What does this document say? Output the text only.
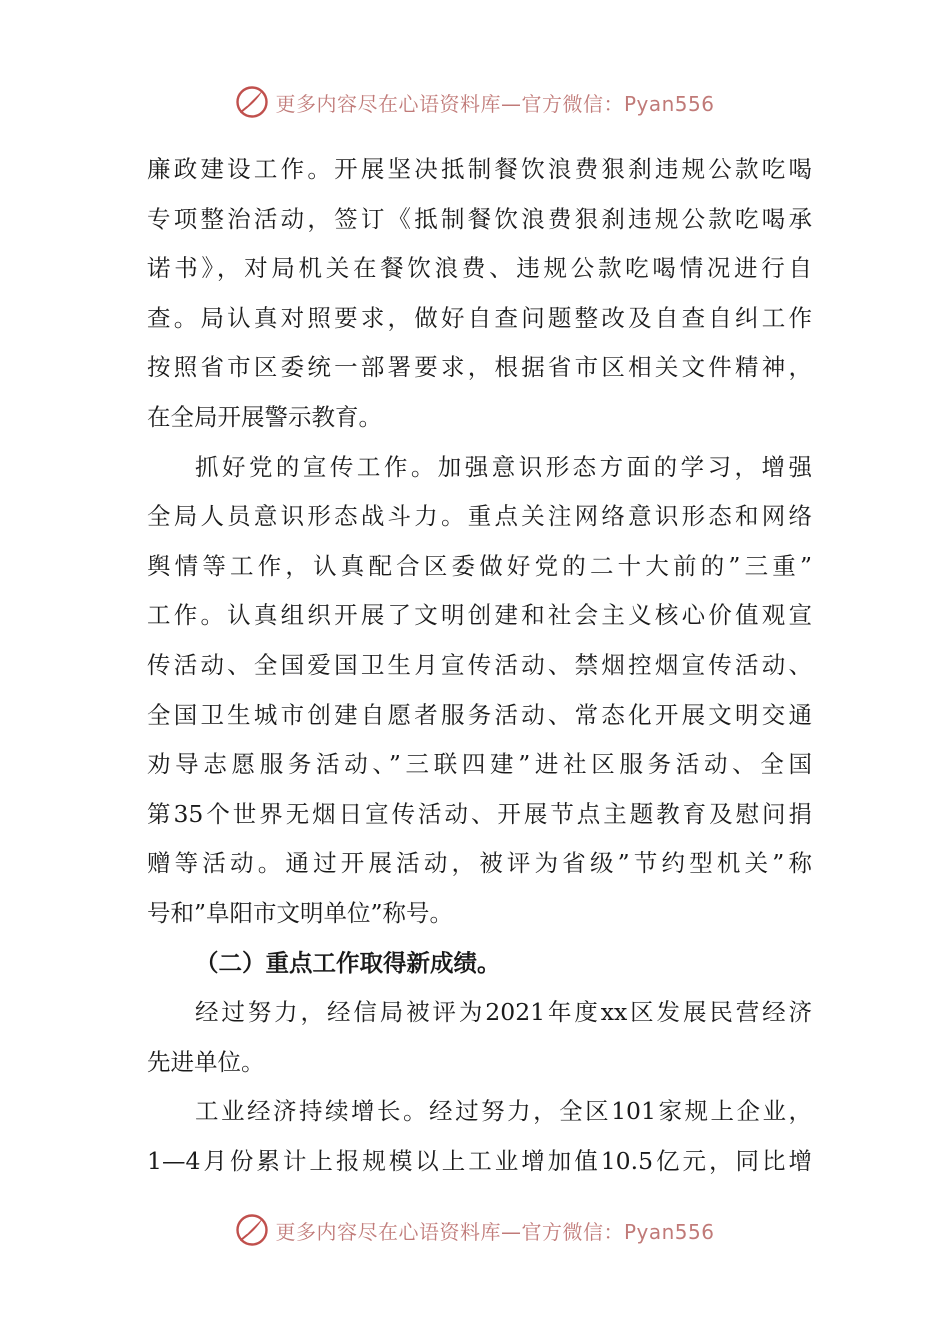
更多内容尽在心语资料库—官方微信：Pyan556
廉政建设工作。开展坚决抵制餐饮浪费狠刹违规公款吃喝
专项整治活动，签订《抵制餐饮浪费狠刹违规公款吃喝承
诺书》，对局机关在餐饮浪费、违规公款吃喝情况进行自
查。局认真对照要求，做好自查问题整改及自查自纠工作
按照省市区委统一部署要求，根据省市区相关文件精神，
在全局开展警示教育。
抓好党的宣传工作。加强意识形态方面的学习，增强
全局人员意识形态战斗力。重点关注网络意识形态和网络
舆情等工作，认真配合区委做好党的二十大前的”三重”
工作。认真组织开展了文明创建和社会主义核心价值观宣
传活动、全国爱国卫生月宣传活动、禁烟控烟宣传活动、
全国卫生城市创建自愿者服务活动、常态化开展文明交通
劝导志愿服务活动、”三联四建”进社区服务活动、全国
第35个世界无烟日宣传活动、开展节点主题教育及慰问捐
赠等活动。通过开展活动，被评为省级”节约型机关”称
号和”阜阳市文明单位”称号。
（二）重点工作取得新成绩。
经过努力，经信局被评为2021年度xx区发展民营经济
先进单位。
工业经济持续增长。经过努力，全区101家规上企业，
1—4月份累计上报规模以上工业增加值10.5亿元，同比增
更多内容尽在心语资料库—官方微信：Pyan556
